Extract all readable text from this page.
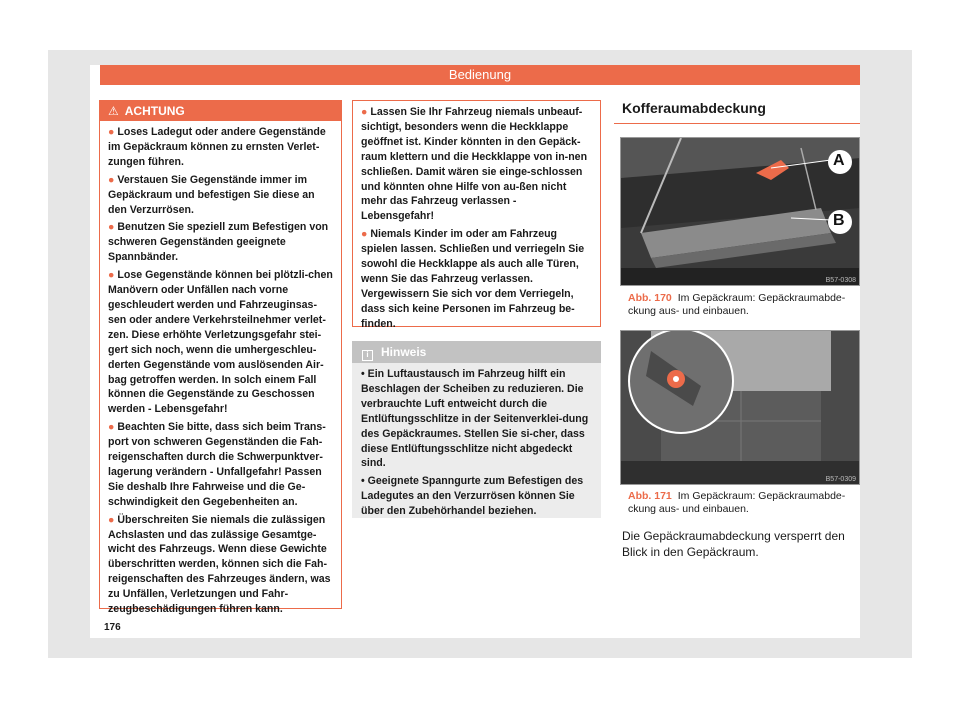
Bedienung
⚠ ACHTUNG

● Loses Ladegut oder andere Gegenstände im Gepäckraum können zu ernsten Verlet-zungen führen.

● Verstauen Sie Gegenstände immer im Gepäckraum und befestigen Sie diese an den Verzurrösen.

● Benutzen Sie speziell zum Befestigen von schweren Gegenständen geeignete Spannbänder.

● Lose Gegenstände können bei plötzli-chen Manövern oder Unfällen nach vorne geschleudert werden und Fahrzeuginsas-sen oder andere Verkehrsteilnehmer verlet-zen. Diese erhöhte Verletzungsgefahr stei-gert sich noch, wenn die umhergeschleu-derten Gegenstände vom auslösenden Air-bag getroffen werden. In solch einem Fall können die Gegenstände zu Geschossen werden - Lebensgefahr!

● Beachten Sie bitte, dass sich beim Trans-port von schweren Gegenständen die Fah-reigenschaften durch die Schwerpunktver-lagerung verändern - Unfallgefahr! Passen Sie deshalb Ihre Fahrweise und die Ge-schwindigkeit den Gegebenheiten an.

● Überschreiten Sie niemals die zulässigen Achslasten und das zulässige Gesamtge-wicht des Fahrzeugs. Wenn diese Gewichte überschritten werden, können sich die Fah-reigenschaften des Fahrzeuges ändern, was zu Unfällen, Verletzungen und Fahr-zeugbeschädigungen führen kann.

● Lassen Sie Ihr Fahrzeug niemals unbeauf-sichtigt, besonders wenn die Heckklappe geöffnet ist. Kinder könnten in den Gepäck-raum klettern und die Heckklappe von in-nen schließen. Damit wären sie einge-schlossen und könnten ohne Hilfe von au-ßen nicht mehr das Fahrzeug verlassen - Lebensgefahr!

● Niemals Kinder im oder am Fahrzeug spielen lassen. Schließen und verriegeln Sie sowohl die Heckklappe als auch alle Türen, wenn Sie das Fahrzeug verlassen. Vergewissern Sie sich vor dem Verriegeln, dass sich keine Personen im Fahrzeug be-finden.

i Hinweis

• Ein Luftaustausch im Fahrzeug hilft ein Beschlagen der Scheiben zu reduzieren. Die verbrauchte Luft entweicht durch die Entlüftungsschlitze in der Seitenverklei-dung des Gepäckraumes. Stellen Sie si-cher, dass diese Entlüftungsschlitze nicht abgedeckt sind.

• Geeignete Spanngurte zum Befestigen des Ladegutes an den Verzurrösen können Sie über den Zubehörhandel beziehen.

Kofferaumabdeckung
A
B
B57-0308
Abb. 170 Im Gepäckraum: Gepäckraumabde-ckung aus- und einbauen.
B57-0309
Abb. 171 Im Gepäckraum: Gepäckraumabde-ckung aus- und einbauen.
Die Gepäckraumabdeckung versperrt den Blick in den Gepäckraum.
176
